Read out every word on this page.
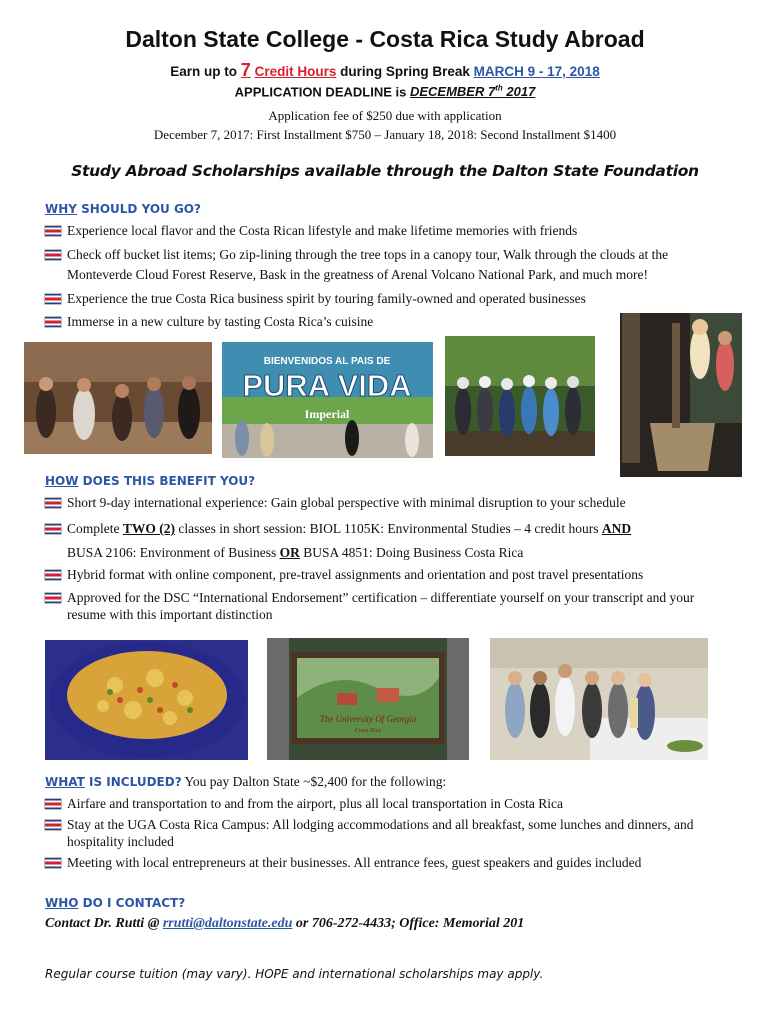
Dalton State College - Costa Rica Study Abroad
Earn up to 7 Credit Hours during Spring Break MARCH 9 - 17, 2018
APPLICATION DEADLINE is DECEMBER 7th 2017
Application fee of $250 due with application
December 7, 2017: First Installment $750 – January 18, 2018: Second Installment $1400
Study Abroad Scholarships available through the Dalton State Foundation
WHY SHOULD YOU GO?
Experience local flavor and the Costa Rican lifestyle and make lifetime memories with friends
Check off bucket list items; Go zip-lining through the tree tops in a canopy tour, Walk through the clouds at the Monteverde Cloud Forest Reserve, Bask in the greatness of Arenal Volcano National Park, and much more!
Experience the true Costa Rica business spirit by touring family-owned and operated businesses
Immerse in a new culture by tasting Costa Rica’s cuisine
BIENVENIDOS AL PAIS DE
PURA VIDA
Imperial
HOW DOES THIS BENEFIT YOU?
Short 9-day international experience: Gain global perspective with minimal disruption to your schedule
Complete TWO (2) classes in short session: BIOL 1105K: Environmental Studies – 4 credit hours AND
BUSA 2106: Environment of Business OR BUSA 4851: Doing Business Costa Rica
Hybrid format with online component, pre-travel assignments and orientation and post travel presentations
Approved for the DSC “International Endorsement” certification – differentiate yourself on your transcript and your resume with this important distinction
The University Of Georgia
Costa Rica
WHAT IS INCLUDED? You pay Dalton State ~$2,400 for the following:
Airfare and transportation to and from the airport, plus all local transportation in Costa Rica
Stay at the UGA Costa Rica Campus: All lodging accommodations and all breakfast, some lunches and dinners, and hospitality included
Meeting with local entrepreneurs at their businesses. All entrance fees, guest speakers and guides included
WHO DO I CONTACT?
Contact Dr. Rutti @ rrutti@daltonstate.edu or 706-272-4433; Office: Memorial 201
Regular course tuition (may vary). HOPE and international scholarships may apply.
